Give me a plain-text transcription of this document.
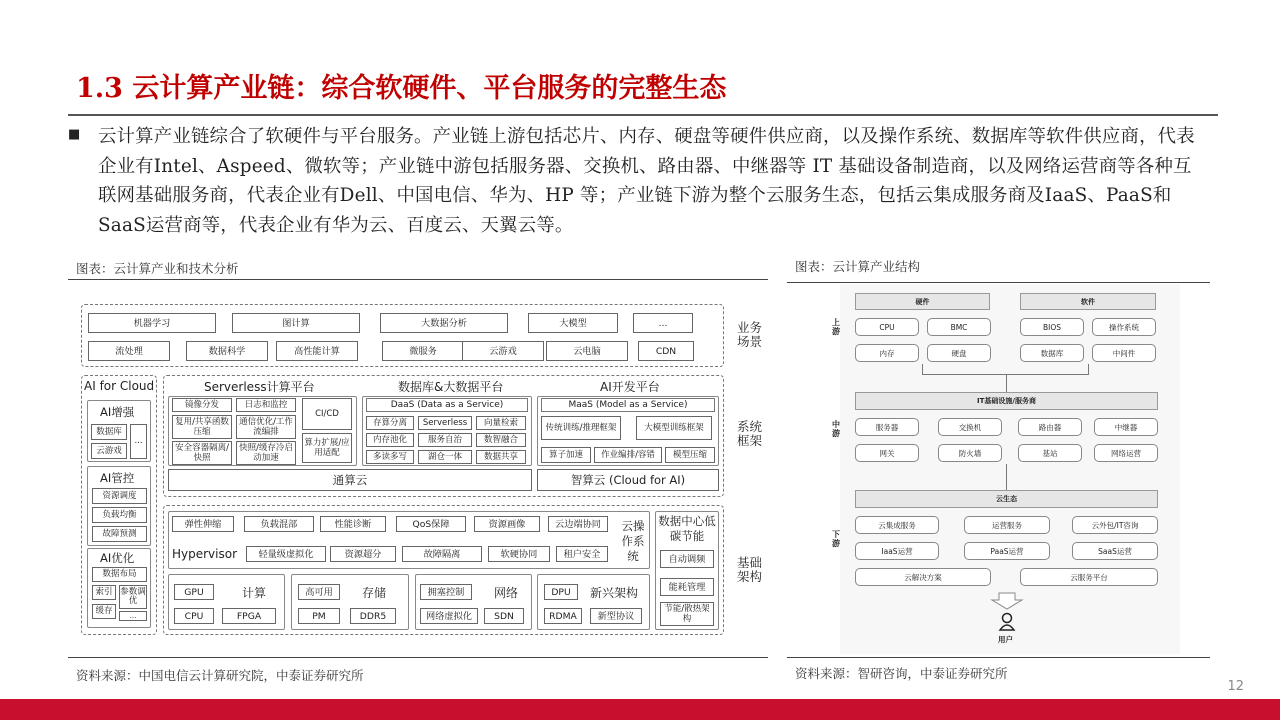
1.3 云计算产业链：综合软硬件、平台服务的完整生态
■ 云计算产业链综合了软硬件与平台服务。产业链上游包括芯片、内存、硬盘等硬件供应商，以及操作系统、数据库等软件供应商，代表企业有Intel、Aspeed、微软等；产业链中游包括服务器、交换机、路由器、中继器等 IT 基础设备制造商，以及网络运营商等各种互联网基础服务商，代表企业有Dell、中国电信、华为、HP 等；产业链下游为整个云服务生态，包括云集成服务商及IaaS、PaaS和SaaS运营商等，代表企业有华为云、百度云、天翼云等。
图表：云计算产业和技术分析	图表：云计算产业结构
机器学习	图计算	大数据分析	大模型	...
流处理	数据科学	高性能计算	微服务	云游戏	云电脑	CDN
业务场景
AI for Cloud
AI增强
数据库
云游戏
...
AI管控
资源调度
负载均衡
故障预测
AI优化
数据布局
索引
缓存
参数调优
...
系统框架
Serverless计算平台	数据库&大数据平台	AI开发平台
镜像分发	日志和监控
复用/共享函数压缩
通信优化/工作流编排
CI/CD
安全容器隔离/快照
快照/缓存冷启动加速
算力扩展/应用适配
DaaS (Data as a Service)
存算分离	Serverless	向量检索
内存池化	服务自治	数智融合
多读多写	湖仓一体	数据共享
MaaS (Model as a Service)
传统训练/推理框架	大模型训练框架
算子加速	作业编排/容错	模型压缩
通算云	智算云 (Cloud for AI)
基础架构
弹性伸缩	负载混部	性能诊断	QoS保障	资源画像	云边端协同
Hypervisor	轻量级虚拟化	资源超分	故障隔离	软硬协同	租户安全
云操作系统
GPU	计算
CPU	FPGA
高可用	存储
PM	DDR5
拥塞控制	网络
网络虚拟化	SDN
DPU	新兴架构
RDMA	新型协议
数据中心低碳节能
自动调频
能耗管理
节能/散热架构
上游
中游
下游
硬件	软件
CPU	BMC
内存	硬盘
BIOS	操作系统
数据库	中间件
IT基础设施/服务商
服务器	交换机	路由器	中继器
网关	防火墙	基站	网络运营
云生态
云集成服务	运营服务	云外包/IT咨询
IaaS运营	PaaS运营	SaaS运营
云解决方案	云服务平台
用户
资料来源：中国电信云计算研究院，中泰证券研究所	资料来源：智研咨询，中泰证券研究所
12
